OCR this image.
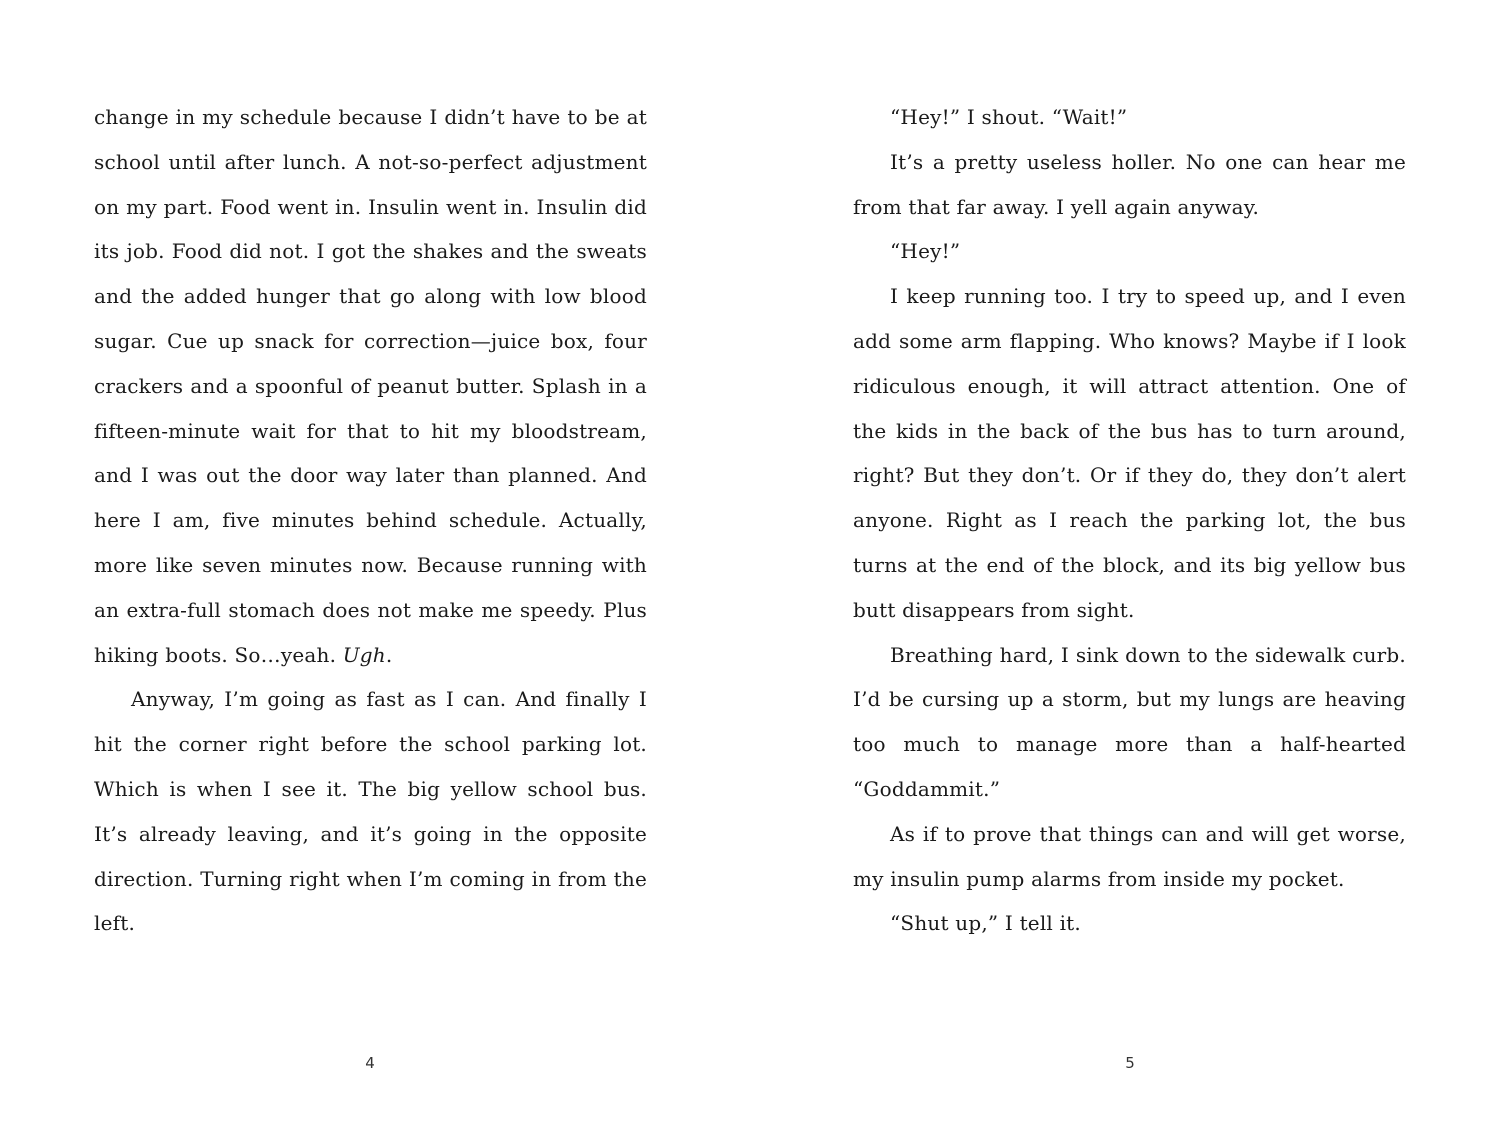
change in my schedule because I didn’t have to be at school until after lunch. A not-so-perfect adjustment on my part. Food went in. Insulin went in. Insulin did its job. Food did not. I got the shakes and the sweats and the added hunger that go along with low blood sugar. Cue up snack for correction—juice box, four crackers and a spoonful of peanut butter. Splash in a fifteen-minute wait for that to hit my bloodstream, and I was out the door way later than planned. And here I am, five minutes behind schedule. Actually, more like seven minutes now. Because running with an extra-full stomach does not make me speedy. Plus hiking boots. So…yeah. Ugh.

Anyway, I’m going as fast as I can. And finally I hit the corner right before the school parking lot. Which is when I see it. The big yellow school bus. It’s already leaving, and it’s going in the opposite direction. Turning right when I’m coming in from the left.

“Hey!” I shout. “Wait!”

It’s a pretty useless holler. No one can hear me from that far away. I yell again anyway.

“Hey!”

I keep running too. I try to speed up, and I even add some arm flapping. Who knows? Maybe if I look ridiculous enough, it will attract attention. One of the kids in the back of the bus has to turn around, right? But they don’t. Or if they do, they don’t alert anyone. Right as I reach the parking lot, the bus turns at the end of the block, and its big yellow bus butt disappears from sight.

Breathing hard, I sink down to the sidewalk curb. I’d be cursing up a storm, but my lungs are heaving too much to manage more than a half-hearted “Goddammit.”

As if to prove that things can and will get worse, my insulin pump alarms from inside my pocket.

“Shut up,” I tell it.

4	5
